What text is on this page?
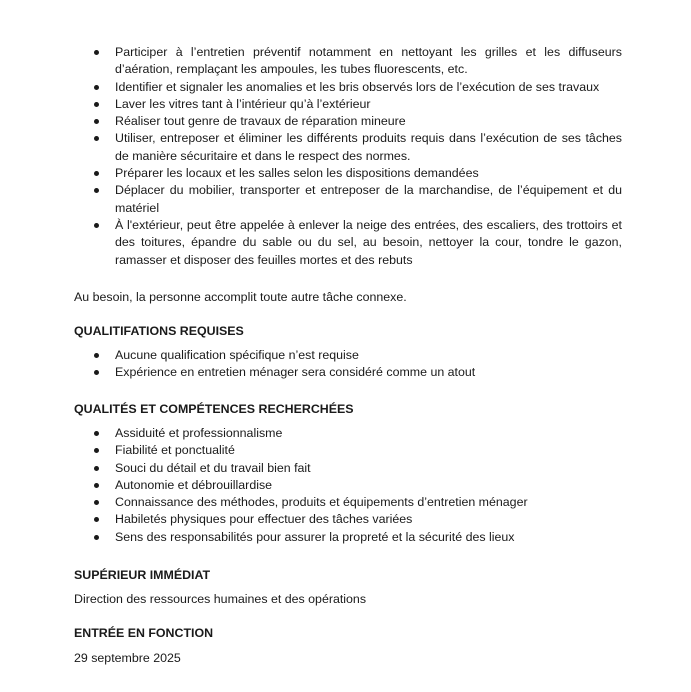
Participer à l’entretien préventif notamment en nettoyant les grilles et les diffuseurs d’aération, remplaçant les ampoules, les tubes fluorescents, etc.
Identifier et signaler les anomalies et les bris observés lors de l’exécution de ses travaux
Laver les vitres tant à l’intérieur qu’à l’extérieur
Réaliser tout genre de travaux de réparation mineure
Utiliser, entreposer et éliminer les différents produits requis dans l’exécution de ses tâches de manière sécuritaire et dans le respect des normes.
Préparer les locaux et les salles selon les dispositions demandées
Déplacer du mobilier, transporter et entreposer de la marchandise, de l’équipement et du matériel
À l'extérieur, peut être appelée à enlever la neige des entrées, des escaliers, des trottoirs et des toitures, épandre du sable ou du sel, au besoin, nettoyer la cour, tondre le gazon, ramasser et disposer des feuilles mortes et des rebuts

Au besoin, la personne accomplit toute autre tâche connexe.

QUALITIFATIONS REQUISES

Aucune qualification spécifique n’est requise
Expérience en entretien ménager sera considéré comme un atout

QUALITÉS ET COMPÉTENCES RECHERCHÉES

Assiduité et professionnalisme
Fiabilité et ponctualité
Souci du détail et du travail bien fait
Autonomie et débrouillardise
Connaissance des méthodes, produits et équipements d’entretien ménager
Habiletés physiques pour effectuer des tâches variées
Sens des responsabilités pour assurer la propreté et la sécurité des lieux

SUPÉRIEUR IMMÉDIAT

Direction des ressources humaines et des opérations

ENTRÉE EN FONCTION

29 septembre 2025
